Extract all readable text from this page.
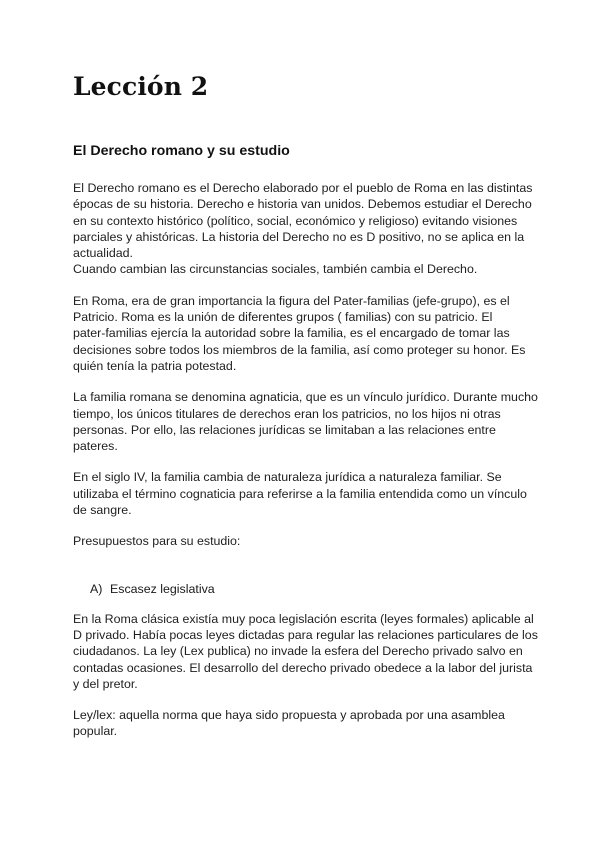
Lección 2
El Derecho romano y su estudio

El Derecho romano es el Derecho elaborado por el pueblo de Roma en las distintas
épocas de su historia. Derecho e historia van unidos. Debemos estudiar el Derecho
en su contexto histórico (político, social, económico y religioso) evitando visiones
parciales y ahistóricas. La historia del Derecho no es D positivo, no se aplica en la
actualidad.
Cuando cambian las circunstancias sociales, también cambia el Derecho.

En Roma, era de gran importancia la figura del Pater-familias (jefe-grupo), es el
Patricio. Roma es la unión de diferentes grupos ( familias) con su patricio. El
pater-familias ejercía la autoridad sobre la familia, es el encargado de tomar las
decisiones sobre todos los miembros de la familia, así como proteger su honor. Es
quién tenía la patria potestad.

La familia romana se denomina agnaticia, que es un vínculo jurídico. Durante mucho
tiempo, los únicos titulares de derechos eran los patricios, no los hijos ni otras
personas. Por ello, las relaciones jurídicas se limitaban a las relaciones entre
pateres.

En el siglo IV, la familia cambia de naturaleza jurídica a naturaleza familiar. Se
utilizaba el término cognaticia para referirse a la familia entendida como un vínculo
de sangre.

Presupuestos para su estudio:

A) Escasez legislativa

En la Roma clásica existía muy poca legislación escrita (leyes formales) aplicable al
D privado. Había pocas leyes dictadas para regular las relaciones particulares de los
ciudadanos. La ley (Lex publica) no invade la esfera del Derecho privado salvo en
contadas ocasiones. El desarrollo del derecho privado obedece a la labor del jurista
y del pretor.

Ley/lex: aquella norma que haya sido propuesta y aprobada por una asamblea
popular.
